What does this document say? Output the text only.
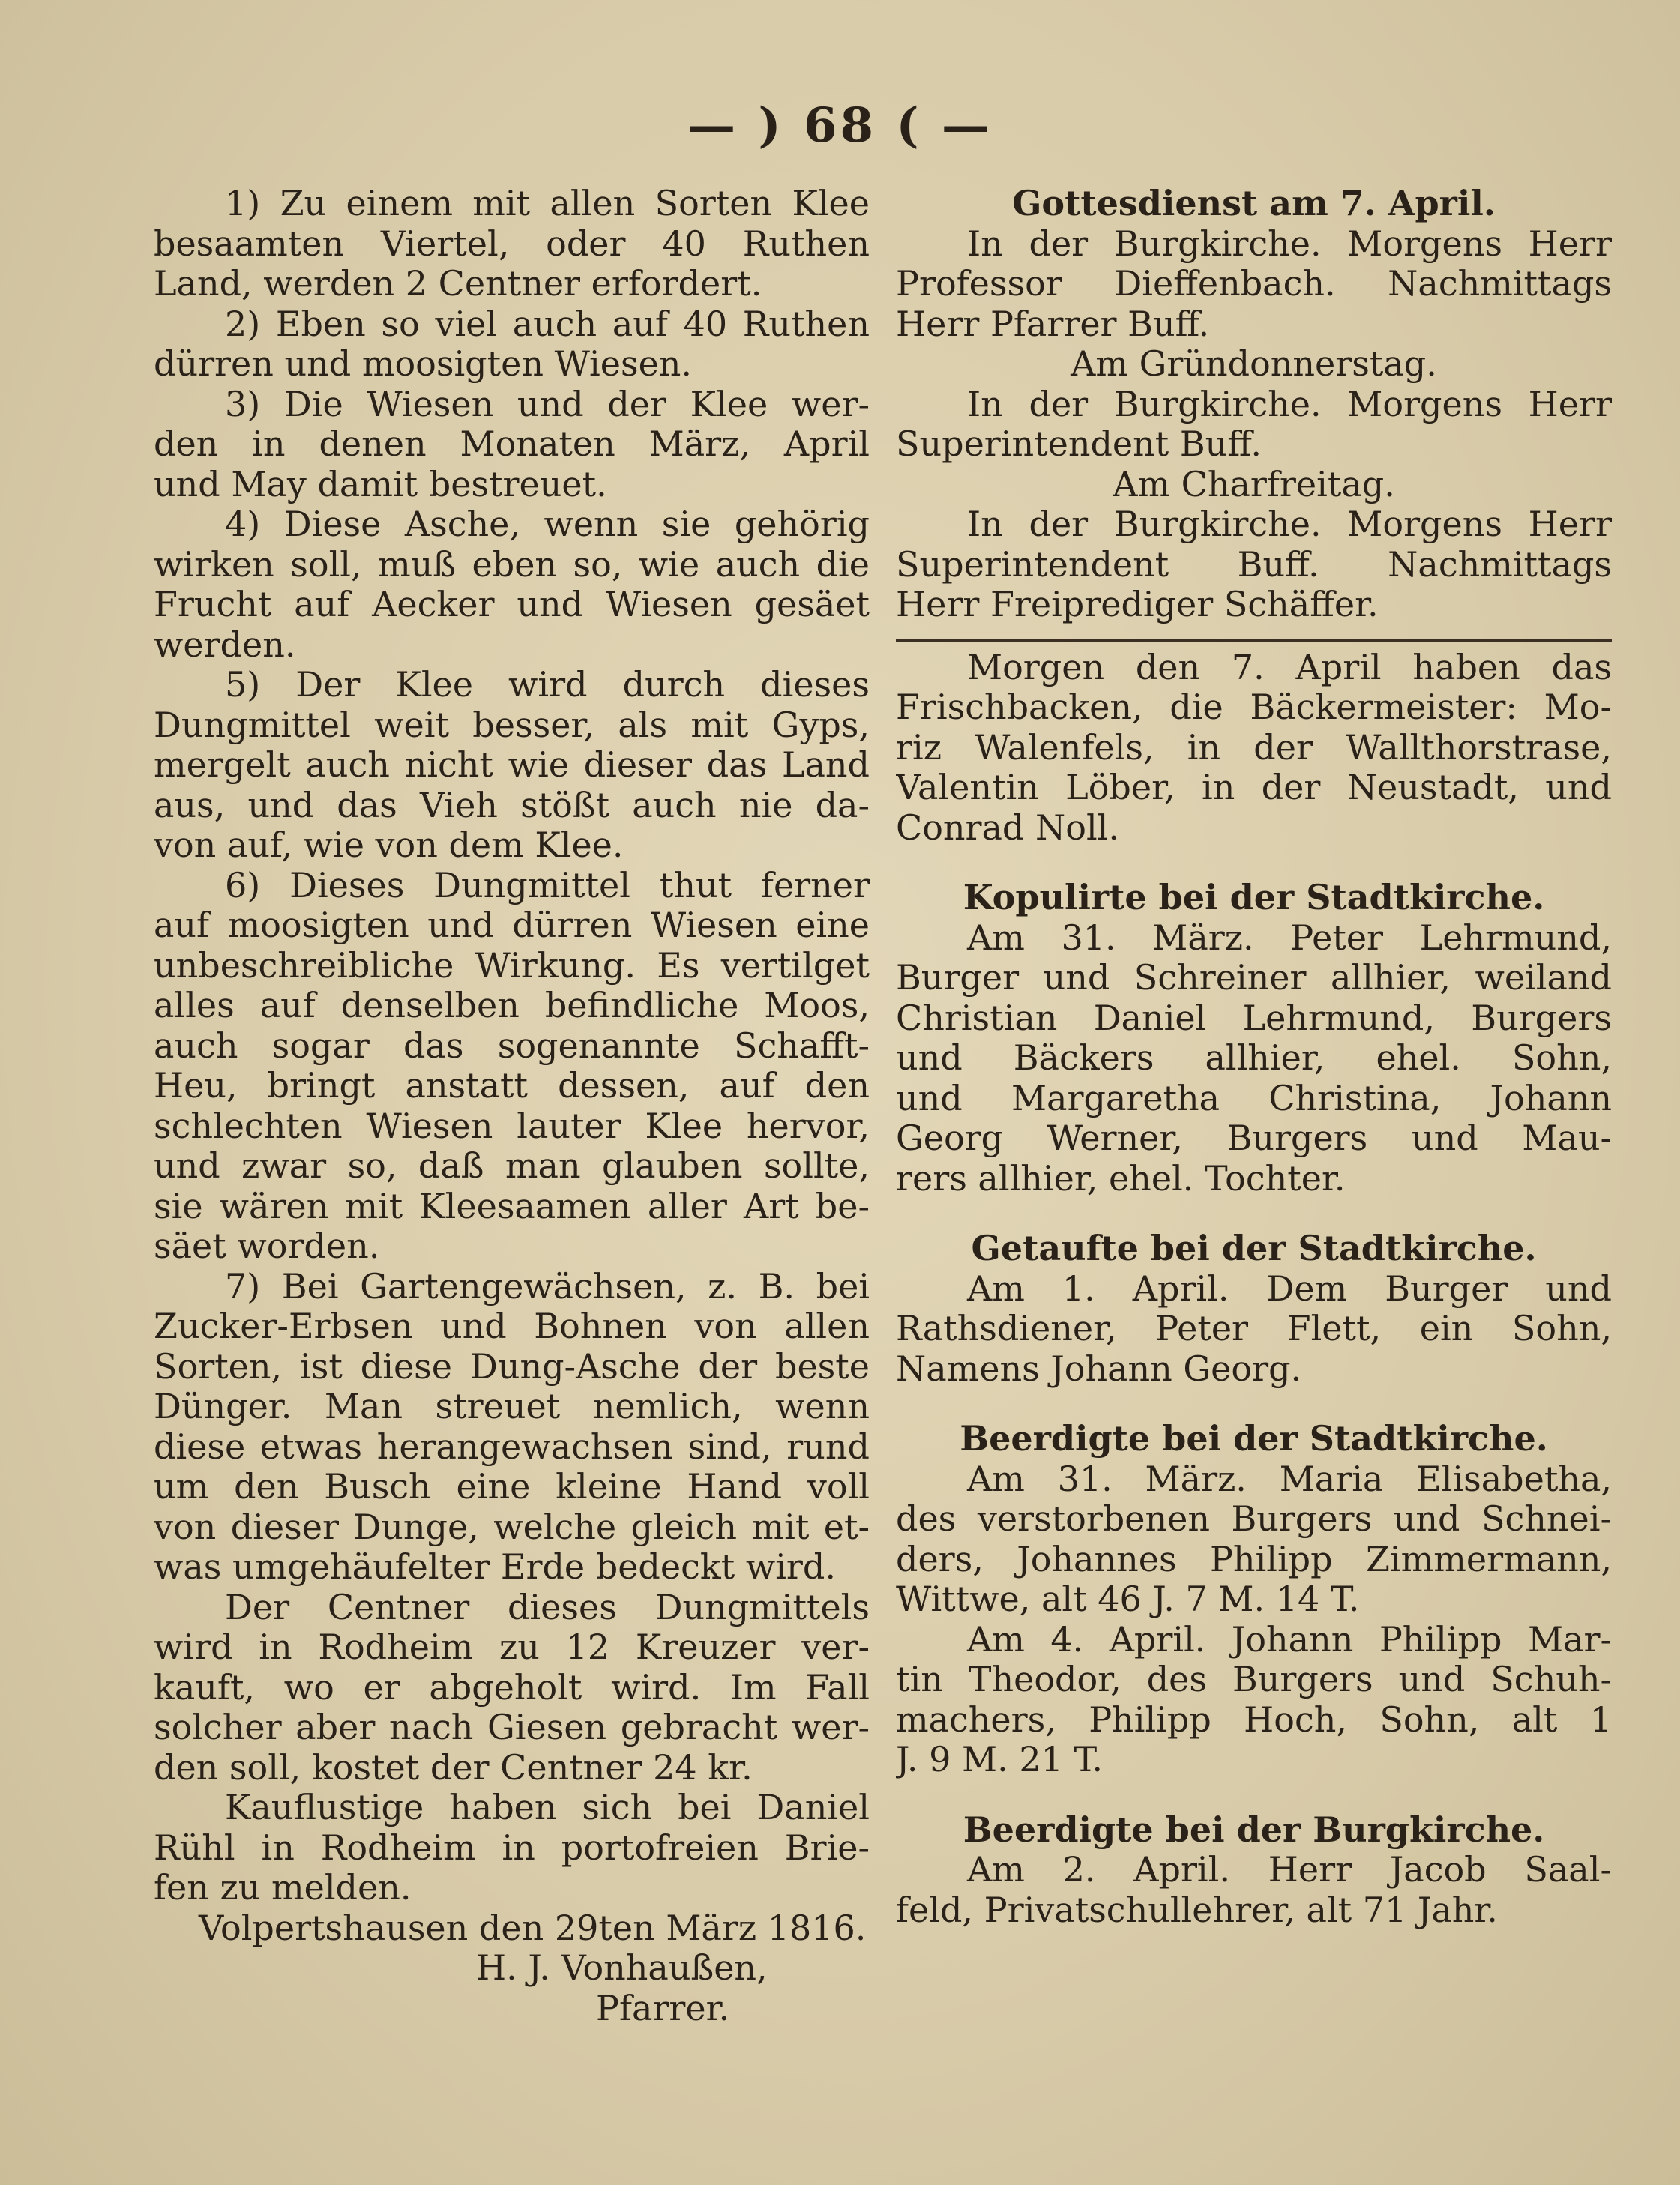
— ) 68 ( —
1) Zu einem mit allen Sorten Klee
besaamten Viertel, oder 40 Ruthen
Land, werden 2 Centner erfordert.
2) Eben so viel auch auf 40 Ruthen
dürren und moosigten Wiesen.
3) Die Wiesen und der Klee wer-
den in denen Monaten März, April
und May damit bestreuet.
4) Diese Asche, wenn sie gehörig
wirken soll, muß eben so, wie auch die
Frucht auf Aecker und Wiesen gesäet
werden.
5) Der Klee wird durch dieses
Dungmittel weit besser, als mit Gyps,
mergelt auch nicht wie dieser das Land
aus, und das Vieh stößt auch nie da-
von auf, wie von dem Klee.
6) Dieses Dungmittel thut ferner
auf moosigten und dürren Wiesen eine
unbeschreibliche Wirkung. Es vertilget
alles auf denselben befindliche Moos,
auch sogar das sogenannte Schafft-
Heu, bringt anstatt dessen, auf den
schlechten Wiesen lauter Klee hervor,
und zwar so, daß man glauben sollte,
sie wären mit Kleesaamen aller Art be-
säet worden.
7) Bei Gartengewächsen, z. B. bei
Zucker-Erbsen und Bohnen von allen
Sorten, ist diese Dung-Asche der beste
Dünger. Man streuet nemlich, wenn
diese etwas herangewachsen sind, rund
um den Busch eine kleine Hand voll
von dieser Dunge, welche gleich mit et-
was umgehäufelter Erde bedeckt wird.
Der Centner dieses Dungmittels
wird in Rodheim zu 12 Kreuzer ver-
kauft, wo er abgeholt wird. Im Fall
solcher aber nach Giesen gebracht wer-
den soll, kostet der Centner 24 kr.
Kauflustige haben sich bei Daniel
Rühl in Rodheim in portofreien Brie-
fen zu melden.
Volpertshausen den 29ten März 1816.
H. J. Vonhaußen,
Pfarrer.
Gottesdienst am 7. April.
In der Burgkirche. Morgens Herr
Professor Dieffenbach. Nachmittags
Herr Pfarrer Buff.
Am Gründonnerstag.
In der Burgkirche. Morgens Herr
Superintendent Buff.
Am Charfreitag.
In der Burgkirche. Morgens Herr
Superintendent Buff. Nachmittags
Herr Freiprediger Schäffer.
Morgen den 7. April haben das
Frischbacken, die Bäckermeister: Mo-
riz Walenfels, in der Wallthorstrase,
Valentin Löber, in der Neustadt, und
Conrad Noll.
Kopulirte bei der Stadtkirche.
Am 31. März. Peter Lehrmund,
Burger und Schreiner allhier, weiland
Christian Daniel Lehrmund, Burgers
und Bäckers allhier, ehel. Sohn,
und Margaretha Christina, Johann
Georg Werner, Burgers und Mau-
rers allhier, ehel. Tochter.
Getaufte bei der Stadtkirche.
Am 1. April. Dem Burger und
Rathsdiener, Peter Flett, ein Sohn,
Namens Johann Georg.
Beerdigte bei der Stadtkirche.
Am 31. März. Maria Elisabetha,
des verstorbenen Burgers und Schnei-
ders, Johannes Philipp Zimmermann,
Wittwe, alt 46 J. 7 M. 14 T.
Am 4. April. Johann Philipp Mar-
tin Theodor, des Burgers und Schuh-
machers, Philipp Hoch, Sohn, alt 1
J. 9 M. 21 T.
Beerdigte bei der Burgkirche.
Am 2. April. Herr Jacob Saal-
feld, Privatschullehrer, alt 71 Jahr.
